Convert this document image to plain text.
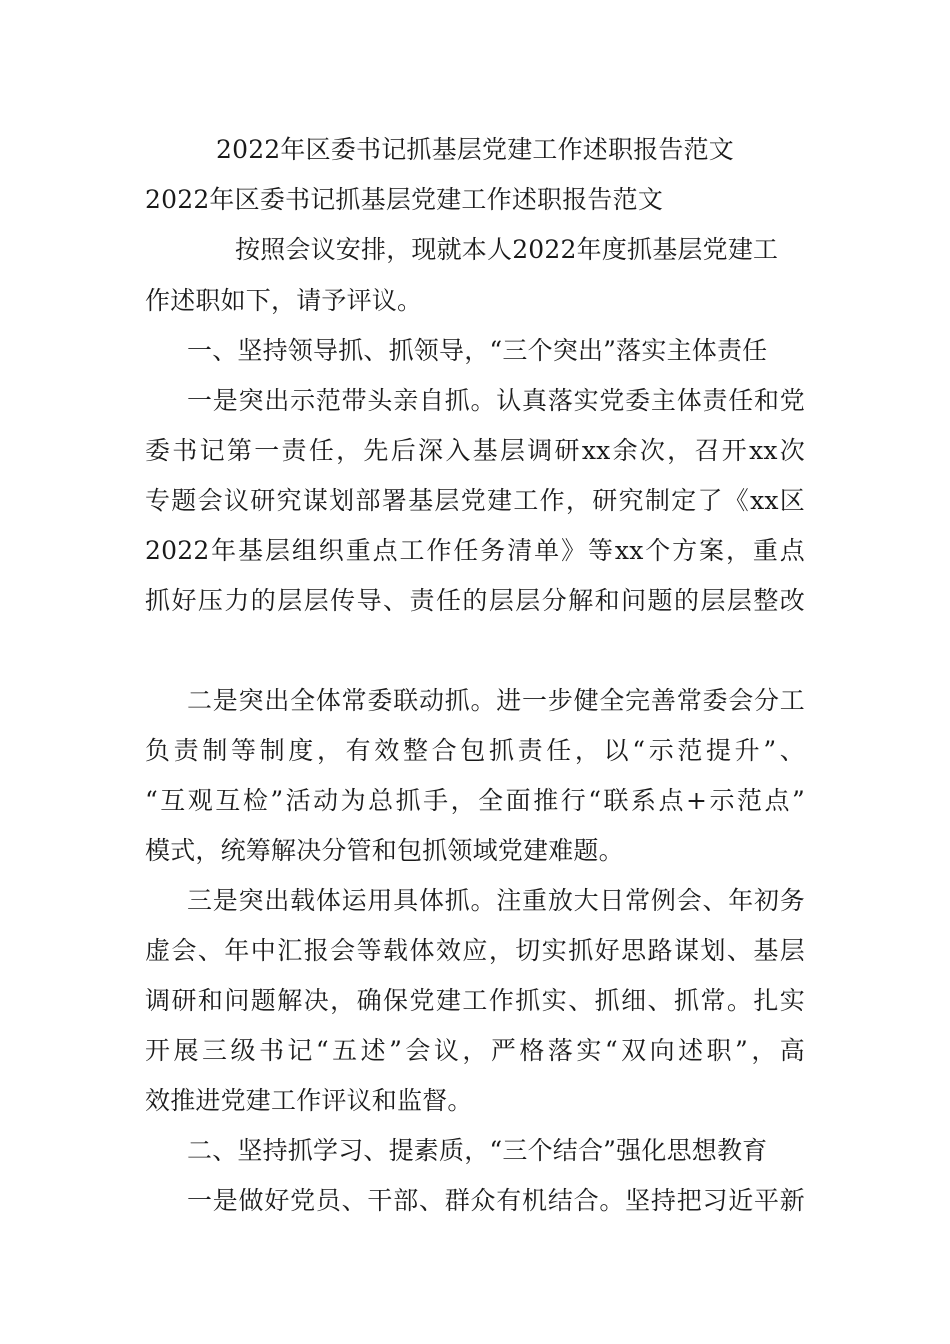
2022年区委书记抓基层党建工作述职报告范文
2022年区委书记抓基层党建工作述职报告范文
按照会议安排，现就本人2022年度抓基层党建工
作述职如下，请予评议。
一、坚持领导抓、抓领导，“三个突出”落实主体责任
一是突出示范带头亲自抓。认真落实党委主体责任和党
委书记第一责任，先后深入基层调研xx余次，召开xx次
专题会议研究谋划部署基层党建工作，研究制定了《xx区
2022年基层组织重点工作任务清单》等xx个方案，重点
抓好压力的层层传导、责任的层层分解和问题的层层整改
二是突出全体常委联动抓。进一步健全完善常委会分工
负责制等制度，有效整合包抓责任，以“示范提升”、
“互观互检”活动为总抓手，全面推行“联系点+示范点”
模式，统筹解决分管和包抓领域党建难题。
三是突出载体运用具体抓。注重放大日常例会、年初务
虚会、年中汇报会等载体效应，切实抓好思路谋划、基层
调研和问题解决，确保党建工作抓实、抓细、抓常。扎实
开展三级书记“五述”会议，严格落实“双向述职”，高
效推进党建工作评议和监督。
二、坚持抓学习、提素质，“三个结合”强化思想教育
一是做好党员、干部、群众有机结合。坚持把习近平新
